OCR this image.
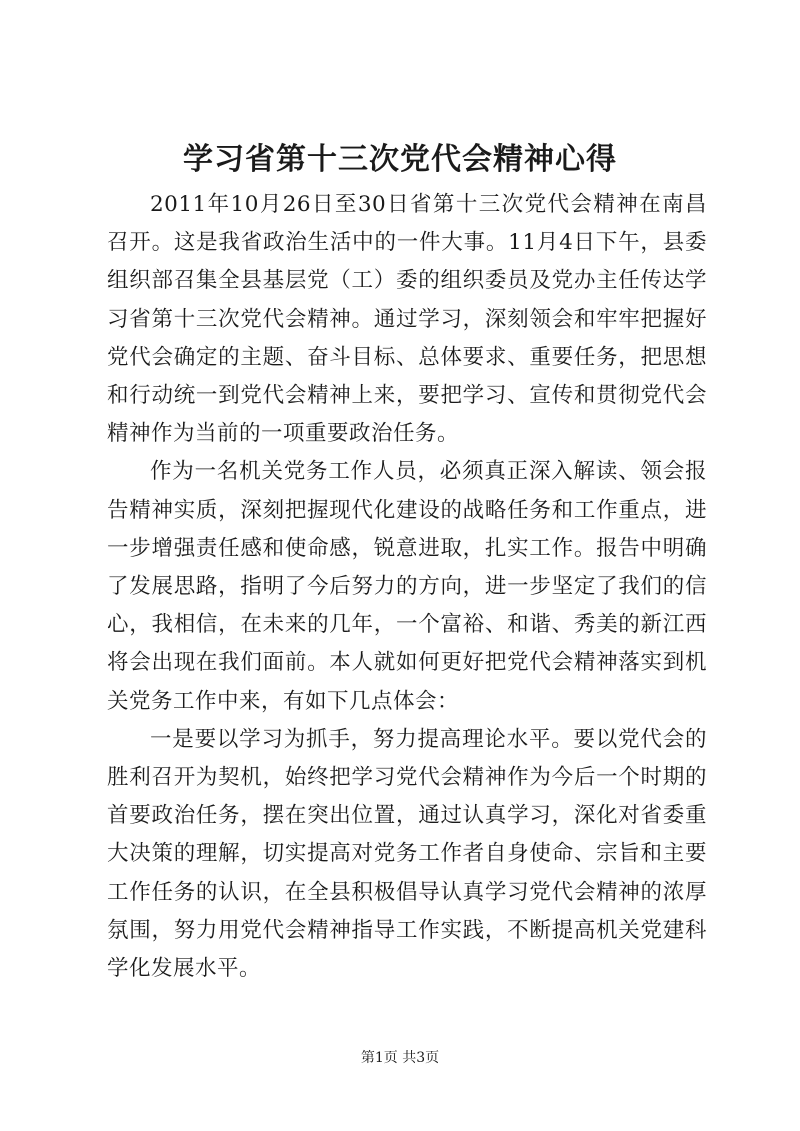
学习省第十三次党代会精神心得

2011年10月26日至30日省第十三次党代会精神在南昌召开。这是我省政治生活中的一件大事。11月4日下午，县委组织部召集全县基层党（工）委的组织委员及党办主任传达学习省第十三次党代会精神。通过学习，深刻领会和牢牢把握好党代会确定的主题、奋斗目标、总体要求、重要任务，把思想和行动统一到党代会精神上来，要把学习、宣传和贯彻党代会精神作为当前的一项重要政治任务。

作为一名机关党务工作人员，必须真正深入解读、领会报告精神实质，深刻把握现代化建设的战略任务和工作重点，进一步增强责任感和使命感，锐意进取，扎实工作。报告中明确了发展思路，指明了今后努力的方向，进一步坚定了我们的信心，我相信，在未来的几年，一个富裕、和谐、秀美的新江西将会出现在我们面前。本人就如何更好把党代会精神落实到机关党务工作中来，有如下几点体会：

一是要以学习为抓手，努力提高理论水平。要以党代会的胜利召开为契机，始终把学习党代会精神作为今后一个时期的首要政治任务，摆在突出位置，通过认真学习，深化对省委重大决策的理解，切实提高对党务工作者自身使命、宗旨和主要工作任务的认识，在全县积极倡导认真学习党代会精神的浓厚氛围，努力用党代会精神指导工作实践，不断提高机关党建科学化发展水平。

第1页 共3页
